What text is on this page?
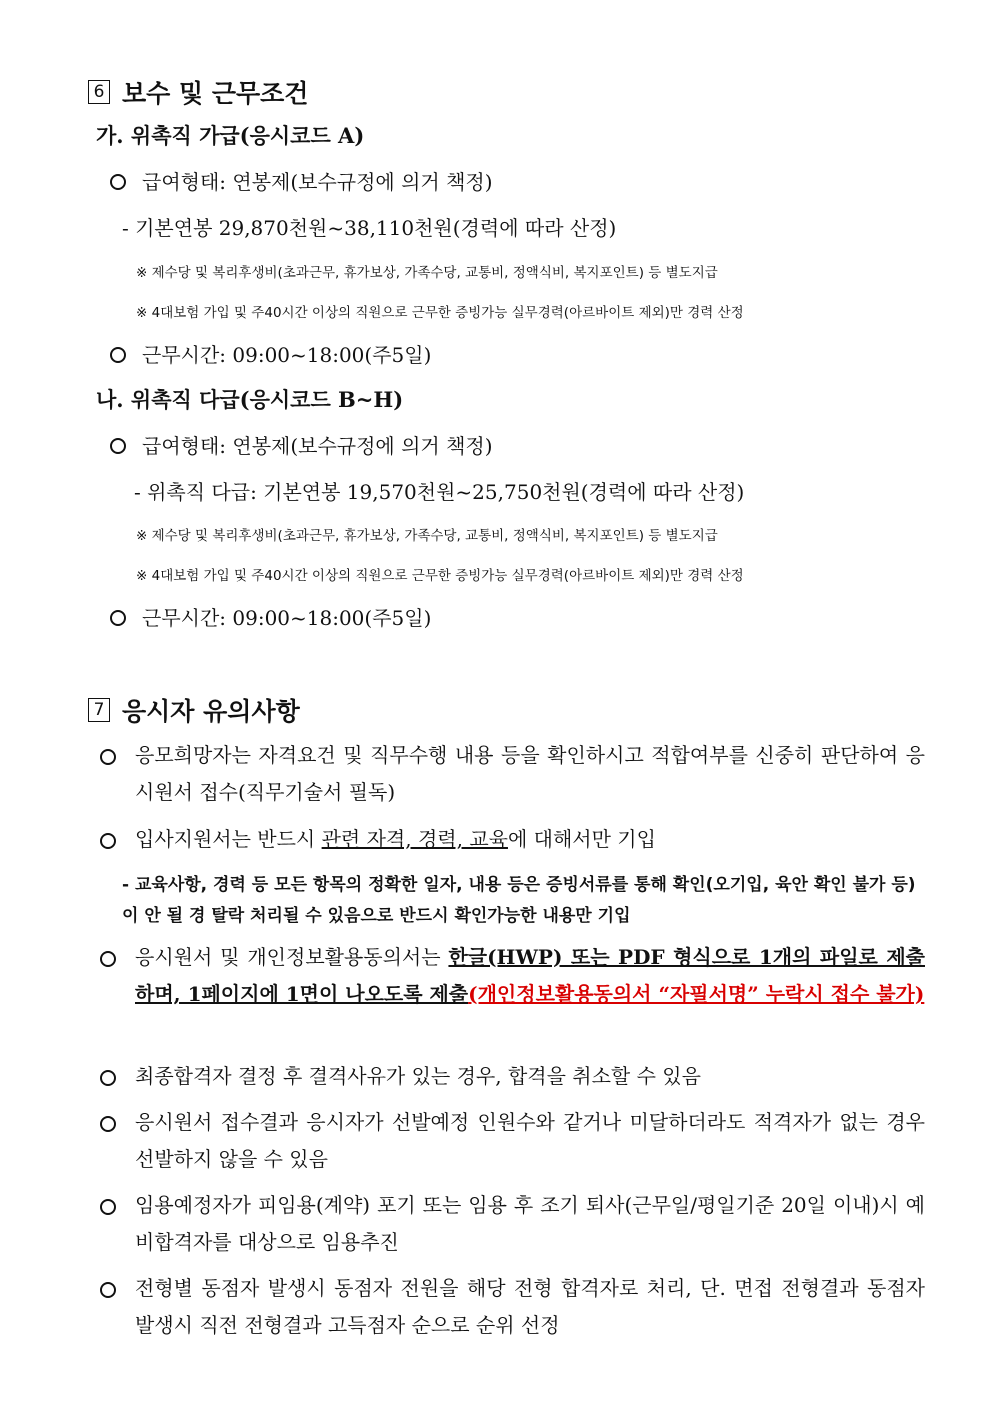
6 보수 및 근무조건
가. 위촉직 가급(응시코드 A)
급여형태: 연봉제(보수규정에 의거 책정)
- 기본연봉 29,870천원~38,110천원(경력에 따라 산정)
※ 제수당 및 복리후생비(초과근무, 휴가보상, 가족수당, 교통비, 정액식비, 복지포인트) 등 별도지급
※ 4대보험 가입 및 주40시간 이상의 직원으로 근무한 증빙가능 실무경력(아르바이트 제외)만 경력 산정
근무시간: 09:00~18:00(주5일)
나. 위촉직 다급(응시코드 B~H)
급여형태: 연봉제(보수규정에 의거 책정)
- 위촉직 다급: 기본연봉 19,570천원~25,750천원(경력에 따라 산정)
※ 제수당 및 복리후생비(초과근무, 휴가보상, 가족수당, 교통비, 정액식비, 복지포인트) 등 별도지급
※ 4대보험 가입 및 주40시간 이상의 직원으로 근무한 증빙가능 실무경력(아르바이트 제외)만 경력 산정
근무시간: 09:00~18:00(주5일)
7 응시자 유의사항
응모희망자는 자격요건 및 직무수행 내용 등을 확인하시고 적합여부를 신중히 판단하여 응시원서 접수(직무기술서 필독)
입사지원서는 반드시 관련 자격, 경력, 교육에 대해서만 기입
- 교육사항, 경력 등 모든 항목의 정확한 일자, 내용 등은 증빙서류를 통해 확인(오기입, 육안 확인 불가 등)이 안 될 경 탈락 처리될 수 있음으로 반드시 확인가능한 내용만 기입
응시원서 및 개인정보활용동의서는 한글(HWP) 또는 PDF 형식으로 1개의 파일로 제출하며, 1페이지에 1면이 나오도록 제출(개인정보활용동의서 “자필서명” 누락시 접수 불가)
최종합격자 결정 후 결격사유가 있는 경우, 합격을 취소할 수 있음
응시원서 접수결과 응시자가 선발예정 인원수와 같거나 미달하더라도 적격자가 없는 경우 선발하지 않을 수 있음
임용예정자가 피임용(계약) 포기 또는 임용 후 조기 퇴사(근무일/평일기준 20일 이내)시 예비합격자를 대상으로 임용추진
전형별 동점자 발생시 동점자 전원을 해당 전형 합격자로 처리, 단. 면접 전형결과 동점자 발생시 직전 전형결과 고득점자 순으로 순위 선정
